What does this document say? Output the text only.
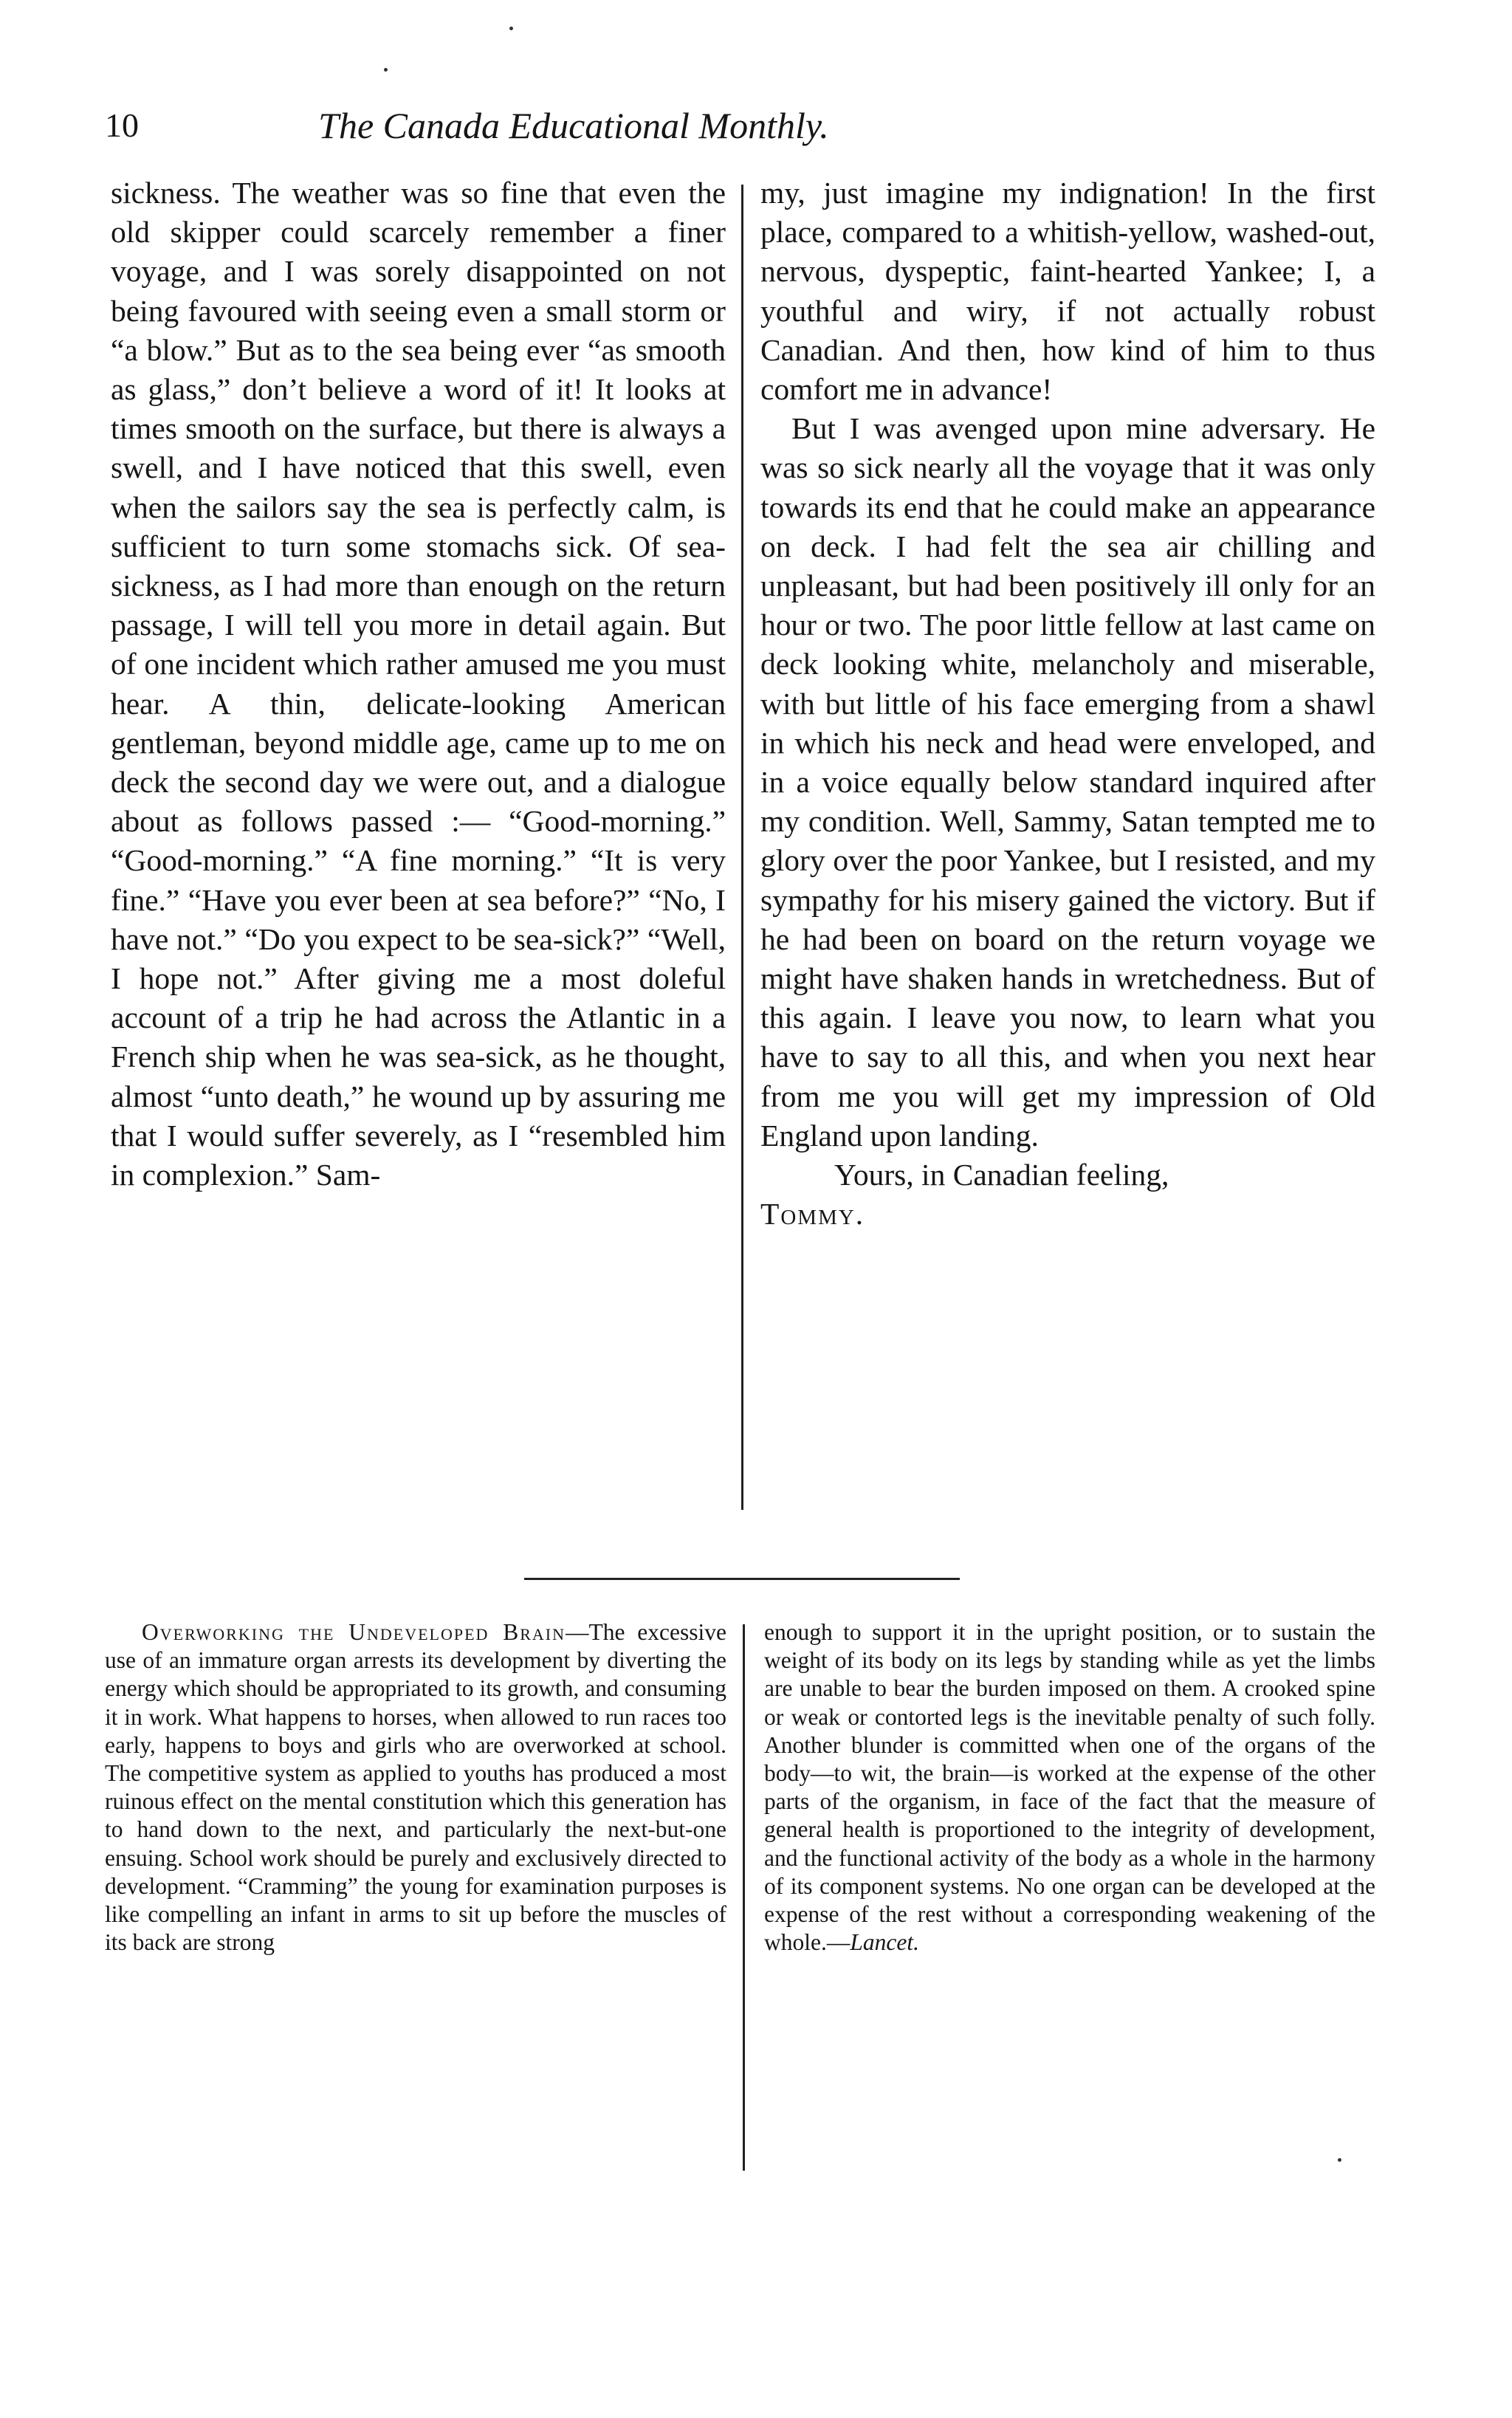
10	The Canada Educational Monthly.

sickness. The weather was so fine that even the old skipper could scarcely remember a finer voyage, and I was sorely disappointed on not being favoured with seeing even a small storm or “a blow.” But as to the sea being ever “as smooth as glass,” don’t believe a word of it! It looks at times smooth on the surface, but there is always a swell, and I have noticed that this swell, even when the sailors say the sea is perfectly calm, is sufficient to turn some stomachs sick. Of sea-sickness, as I had more than enough on the return passage, I will tell you more in detail again. But of one incident which rather amused me you must hear. A thin, delicate-looking American gentleman, beyond middle age, came up to me on deck the second day we were out, and a dialogue about as follows passed :— “Good-morning.” “Good-morning.” “A fine morning.” “It is very fine.” “Have you ever been at sea before?” “No, I have not.” “Do you expect to be sea-sick?” “Well, I hope not.” After giving me a most doleful account of a trip he had across the Atlantic in a French ship when he was sea-sick, as he thought, almost “unto death,” he wound up by assuring me that I would suffer severely, as I “resembled him in complexion.” Sam-

my, just imagine my indignation! In the first place, compared to a whitish-yellow, washed-out, nervous, dyspeptic, faint-hearted Yankee; I, a youthful and wiry, if not actually robust Canadian. And then, how kind of him to thus comfort me in advance!

But I was avenged upon mine adversary. He was so sick nearly all the voyage that it was only towards its end that he could make an appearance on deck. I had felt the sea air chilling and unpleasant, but had been positively ill only for an hour or two. The poor little fellow at last came on deck looking white, melancholy and miserable, with but little of his face emerging from a shawl in which his neck and head were enveloped, and in a voice equally below standard inquired after my condition. Well, Sammy, Satan tempted me to glory over the poor Yankee, but I resisted, and my sympathy for his misery gained the victory. But if he had been on board on the return voyage we might have shaken hands in wretchedness. But of this again. I leave you now, to learn what you have to say to all this, and when you next hear from me you will get my impression of Old England upon landing.

Yours, in Canadian feeling,

Tommy.

Overworking the Undeveloped Brain—The excessive use of an immature organ arrests its development by diverting the energy which should be appropriated to its growth, and consuming it in work. What happens to horses, when allowed to run races too early, happens to boys and girls who are overworked at school. The competitive system as applied to youths has produced a most ruinous effect on the mental constitution which this generation has to hand down to the next, and particularly the next-but-one ensuing. School work should be purely and exclusively directed to development. “Cramming” the young for examination purposes is like compelling an infant in arms to sit up before the muscles of its back are strong

enough to support it in the upright position, or to sustain the weight of its body on its legs by standing while as yet the limbs are unable to bear the burden imposed on them. A crooked spine or weak or contorted legs is the inevitable penalty of such folly. Another blunder is committed when one of the organs of the body—to wit, the brain—is worked at the expense of the other parts of the organism, in face of the fact that the measure of general health is proportioned to the integrity of development, and the functional activity of the body as a whole in the harmony of its component systems. No one organ can be developed at the expense of the rest without a corresponding weakening of the whole.—Lancet.
